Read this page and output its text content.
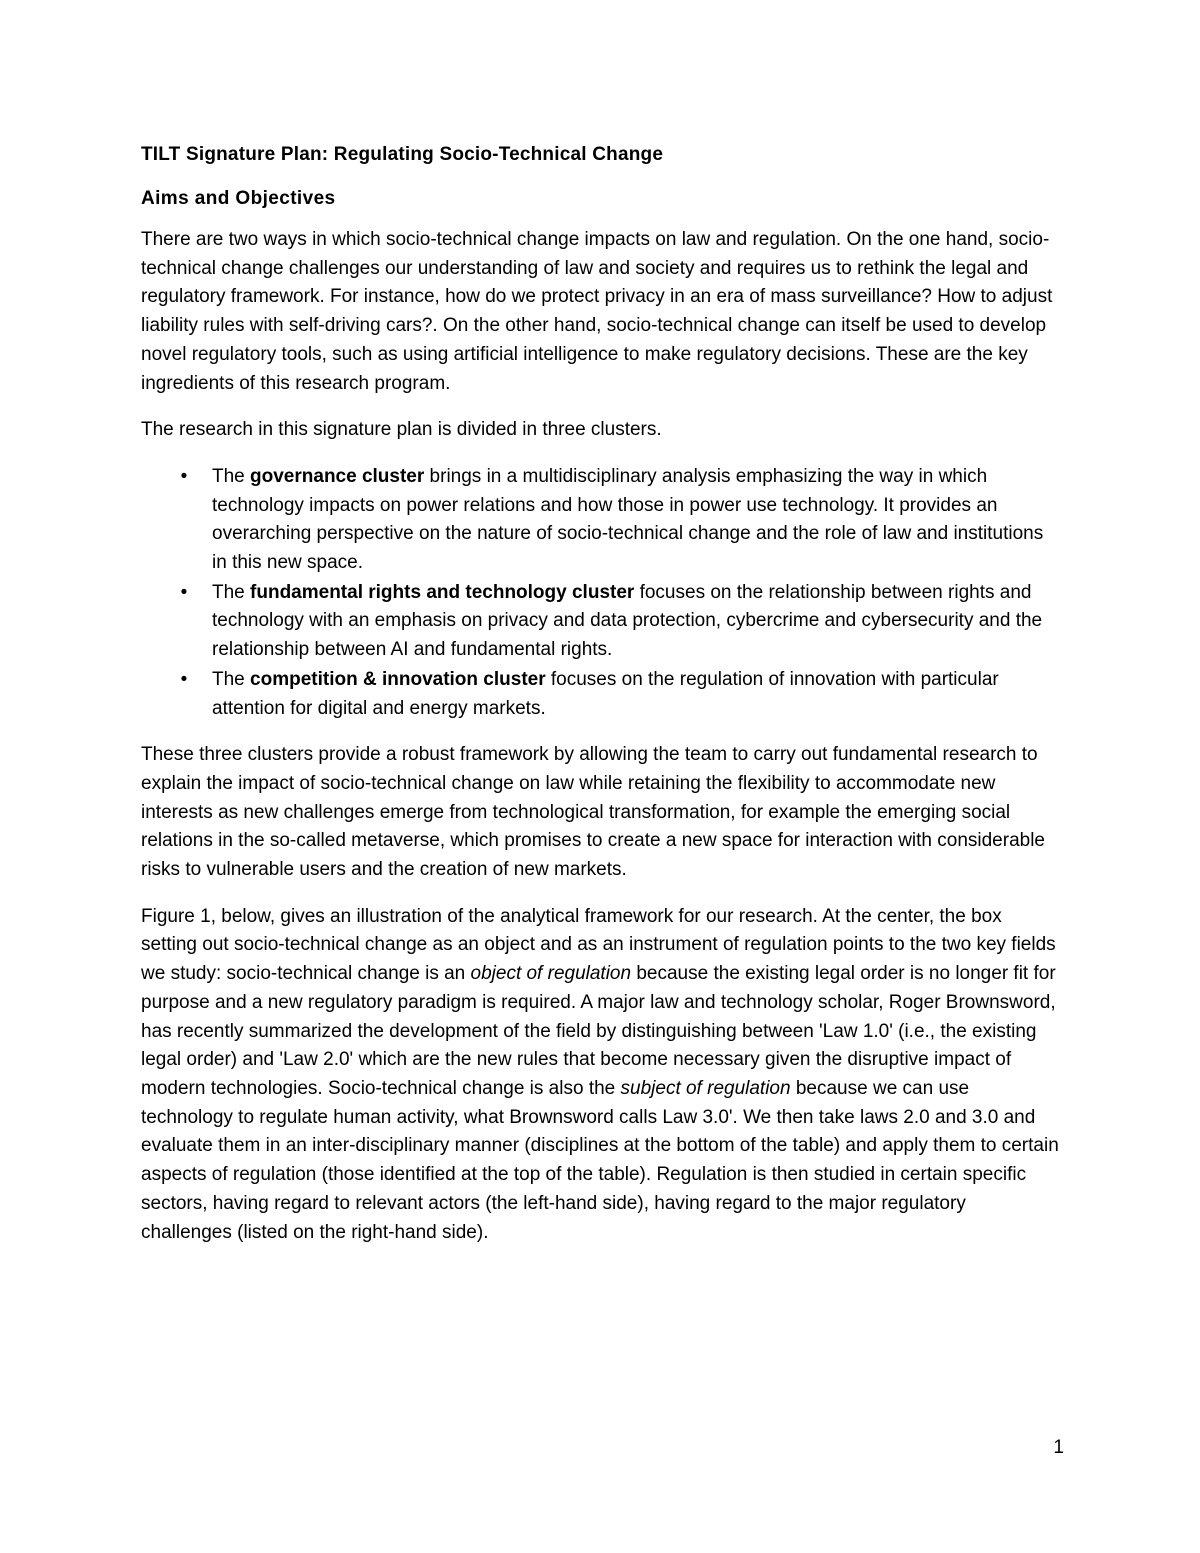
TILT Signature Plan: Regulating Socio-Technical Change
Aims and Objectives

There are two ways in which socio-technical change impacts on law and regulation. On the one hand, socio-technical change challenges our understanding of law and society and requires us to rethink the legal and regulatory framework. For instance, how do we protect privacy in an era of mass surveillance? How to adjust liability rules with self-driving cars?. On the other hand, socio-technical change can itself be used to develop novel regulatory tools, such as using artificial intelligence to make regulatory decisions. These are the key ingredients of this research program.

The research in this signature plan is divided in three clusters.

•	The governance cluster brings in a multidisciplinary analysis emphasizing the way in which technology impacts on power relations and how those in power use technology. It provides an overarching perspective on the nature of socio-technical change and the role of law and institutions in this new space.
•	The fundamental rights and technology cluster focuses on the relationship between rights and technology with an emphasis on privacy and data protection, cybercrime and cybersecurity and the relationship between AI and fundamental rights.
•	The competition & innovation cluster focuses on the regulation of innovation with particular attention for digital and energy markets.

These three clusters provide a robust framework by allowing the team to carry out fundamental research to explain the impact of socio-technical change on law while retaining the flexibility to accommodate new interests as new challenges emerge from technological transformation, for example the emerging social relations in the so-called metaverse, which promises to create a new space for interaction with considerable risks to vulnerable users and the creation of new markets.

Figure 1, below, gives an illustration of the analytical framework for our research. At the center, the box setting out socio-technical change as an object and as an instrument of regulation points to the two key fields we study: socio-technical change is an object of regulation because the existing legal order is no longer fit for purpose and a new regulatory paradigm is required. A major law and technology scholar, Roger Brownsword, has recently summarized the development of the field by distinguishing between 'Law 1.0' (i.e., the existing legal order) and 'Law 2.0' which are the new rules that become necessary given the disruptive impact of modern technologies. Socio-technical change is also the subject of regulation because we can use technology to regulate human activity, what Brownsword calls Law 3.0'. We then take laws 2.0 and 3.0 and evaluate them in an inter-disciplinary manner (disciplines at the bottom of the table) and apply them to certain aspects of regulation (those identified at the top of the table). Regulation is then studied in certain specific sectors, having regard to relevant actors (the left-hand side), having regard to the major regulatory challenges (listed on the right-hand side).

1
